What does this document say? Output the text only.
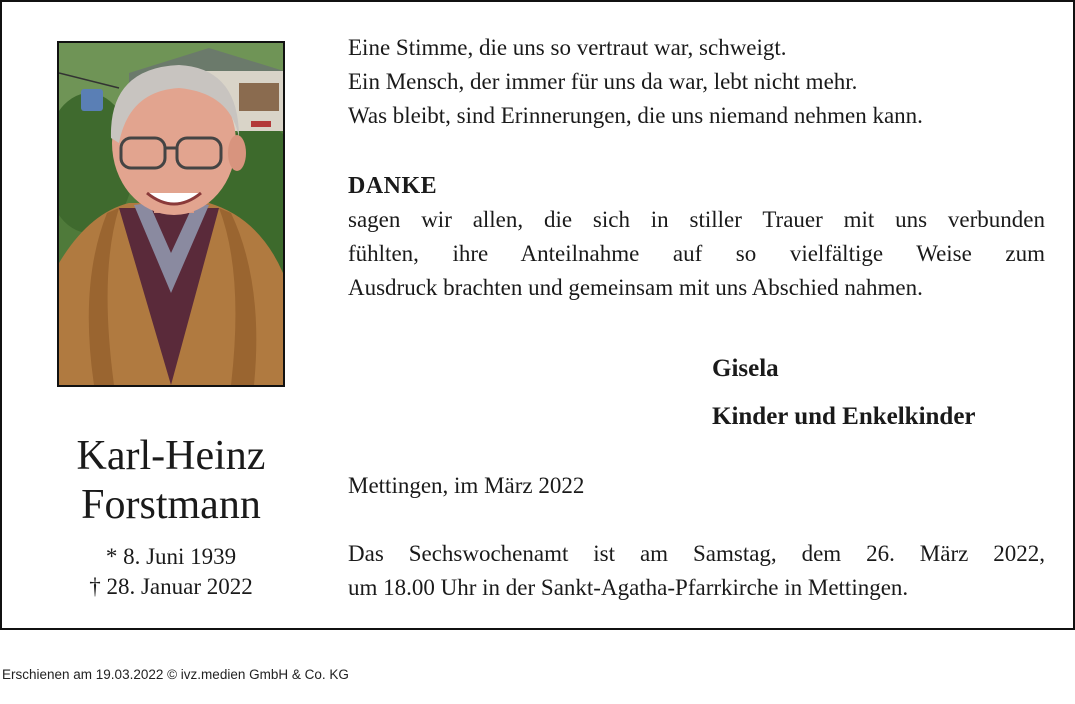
Karl-Heinz
Forstmann
* 8. Juni 1939
† 28. Januar 2022
Eine Stimme, die uns so vertraut war, schweigt.
Ein Mensch, der immer für uns da war, lebt nicht mehr.
Was bleibt, sind Erinnerungen, die uns niemand nehmen kann.
DANKE
sagen wir allen, die sich in stiller Trauer mit uns verbunden
fühlten, ihre Anteilnahme auf so vielfältige Weise zum
Ausdruck brachten und gemeinsam mit uns Abschied nahmen.
Gisela
Kinder und Enkelkinder
Mettingen, im März 2022
Das Sechswochenamt ist am Samstag, dem 26. März 2022,
um 18.00 Uhr in der Sankt-Agatha-Pfarrkirche in Mettingen.
Erschienen am 19.03.2022 © ivz.medien GmbH & Co. KG
